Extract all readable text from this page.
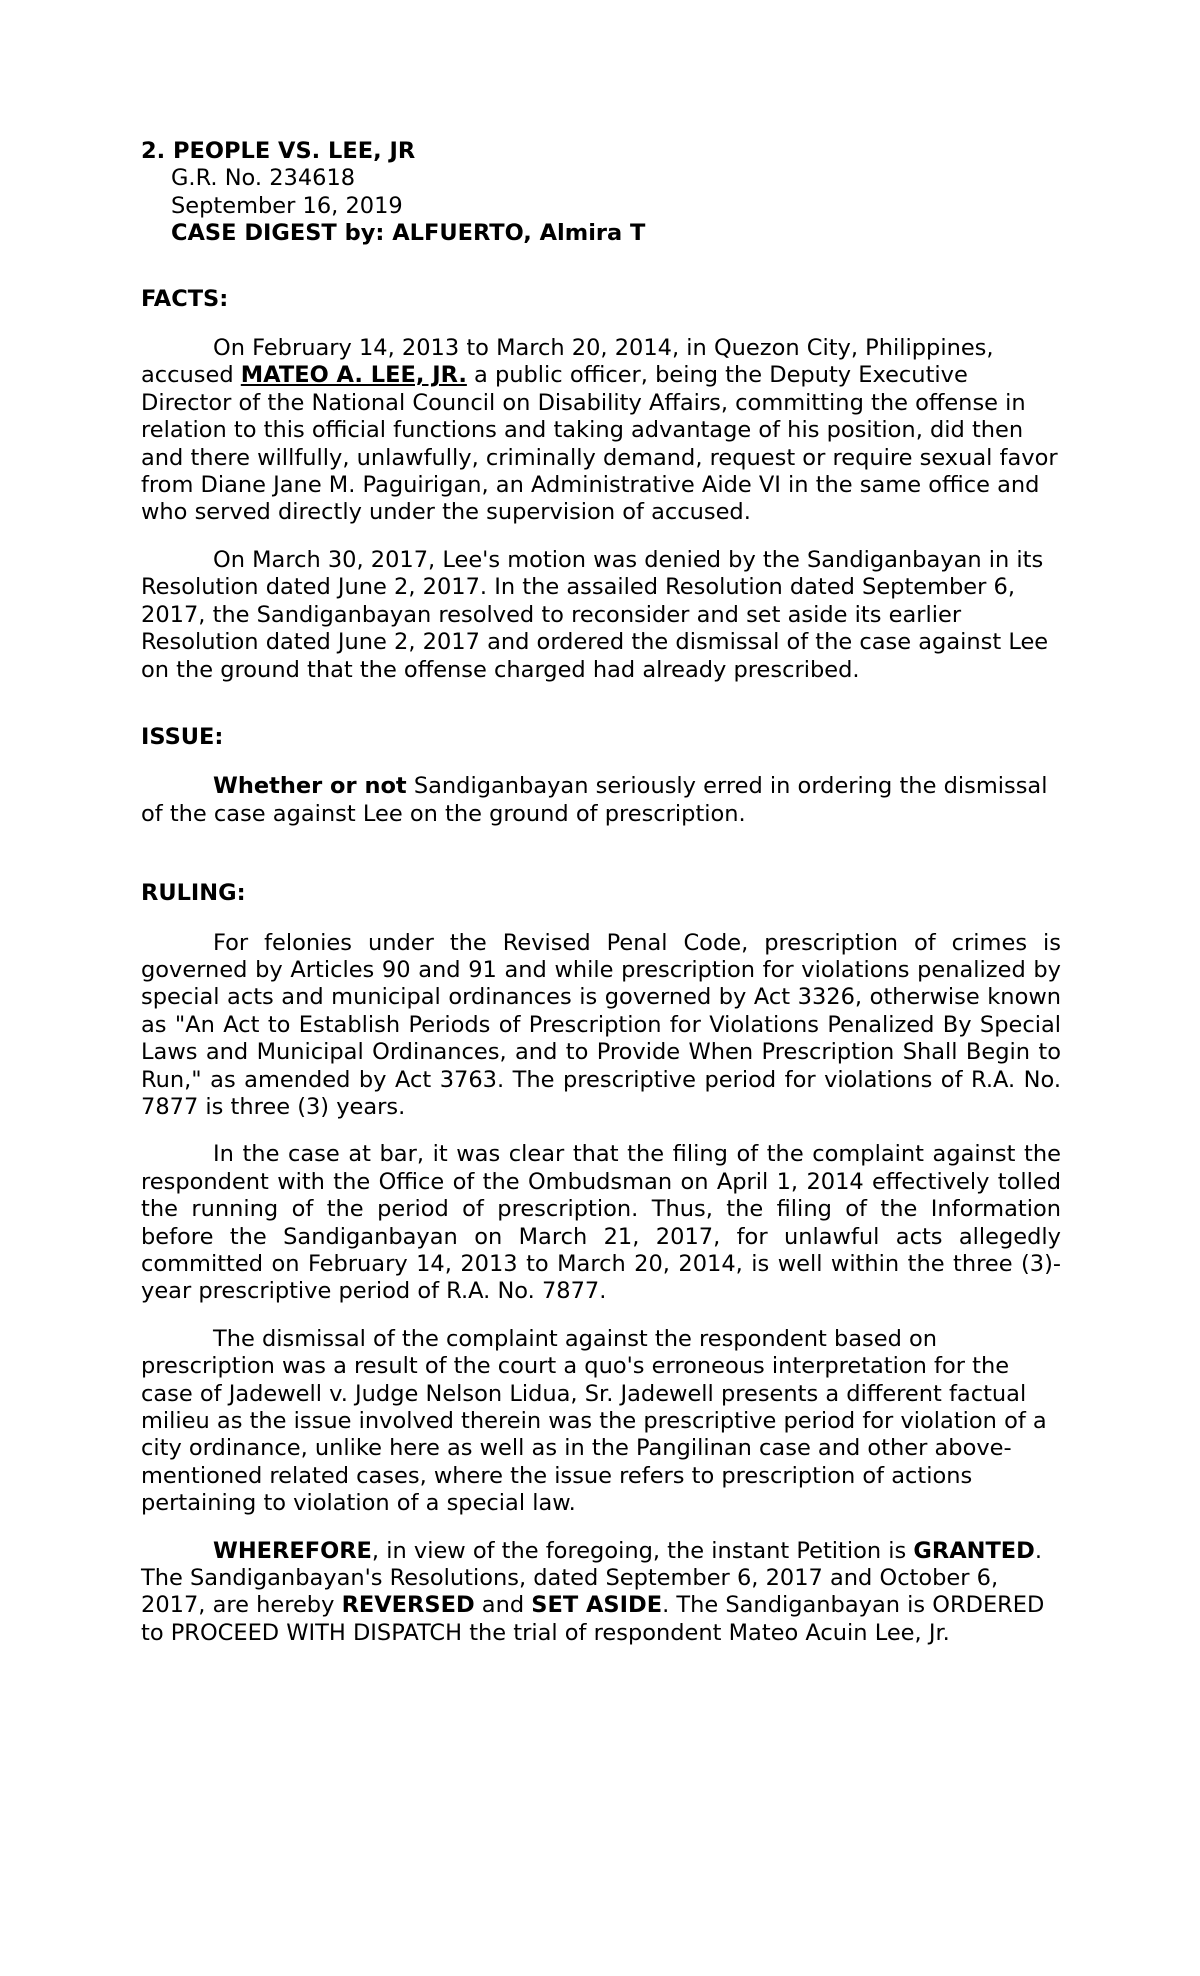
2. PEOPLE VS. LEE, JR
G.R. No. 234618
September 16, 2019
CASE DIGEST by: ALFUERTO, Almira T
FACTS:

On February 14, 2013 to March 20, 2014, in Quezon City, Philippines, accused MATEO A. LEE, JR. a public officer, being the Deputy Executive Director of the National Council on Disability Affairs, committing the offense in relation to this official functions and taking advantage of his position, did then and there willfully, unlawfully, criminally demand, request or require sexual favor from Diane Jane M. Paguirigan, an Administrative Aide VI in the same office and who served directly under the supervision of accused.

On March 30, 2017, Lee's motion was denied by the Sandiganbayan in its Resolution dated June 2, 2017. In the assailed Resolution dated September 6, 2017, the Sandiganbayan resolved to reconsider and set aside its earlier Resolution dated June 2, 2017 and ordered the dismissal of the case against Lee on the ground that the offense charged had already prescribed.

ISSUE:

Whether or not Sandiganbayan seriously erred in ordering the dismissal of the case against Lee on the ground of prescription.

RULING:

For felonies under the Revised Penal Code, prescription of crimes is governed by Articles 90 and 91 and while prescription for violations penalized by special acts and municipal ordinances is governed by Act 3326, otherwise known as "An Act to Establish Periods of Prescription for Violations Penalized By Special Laws and Municipal Ordinances, and to Provide When Prescription Shall Begin to Run," as amended by Act 3763. The prescriptive period for violations of R.A. No. 7877 is three (3) years.

In the case at bar, it was clear that the filing of the complaint against the respondent with the Office of the Ombudsman on April 1, 2014 effectively tolled the running of the period of prescription. Thus, the filing of the Information before the Sandiganbayan on March 21, 2017, for unlawful acts allegedly committed on February 14, 2013 to March 20, 2014, is well within the three (3)-year prescriptive period of R.A. No. 7877.

The dismissal of the complaint against the respondent based on prescription was a result of the court a quo's erroneous interpretation for the case of Jadewell v. Judge Nelson Lidua, Sr. Jadewell presents a different factual milieu as the issue involved therein was the prescriptive period for violation of a city ordinance, unlike here as well as in the Pangilinan case and other above-mentioned related cases, where the issue refers to prescription of actions pertaining to violation of a special law.

WHEREFORE, in view of the foregoing, the instant Petition is GRANTED. The Sandiganbayan's Resolutions, dated September 6, 2017 and October 6, 2017, are hereby REVERSED and SET ASIDE. The Sandiganbayan is ORDERED to PROCEED WITH DISPATCH the trial of respondent Mateo Acuin Lee, Jr.
